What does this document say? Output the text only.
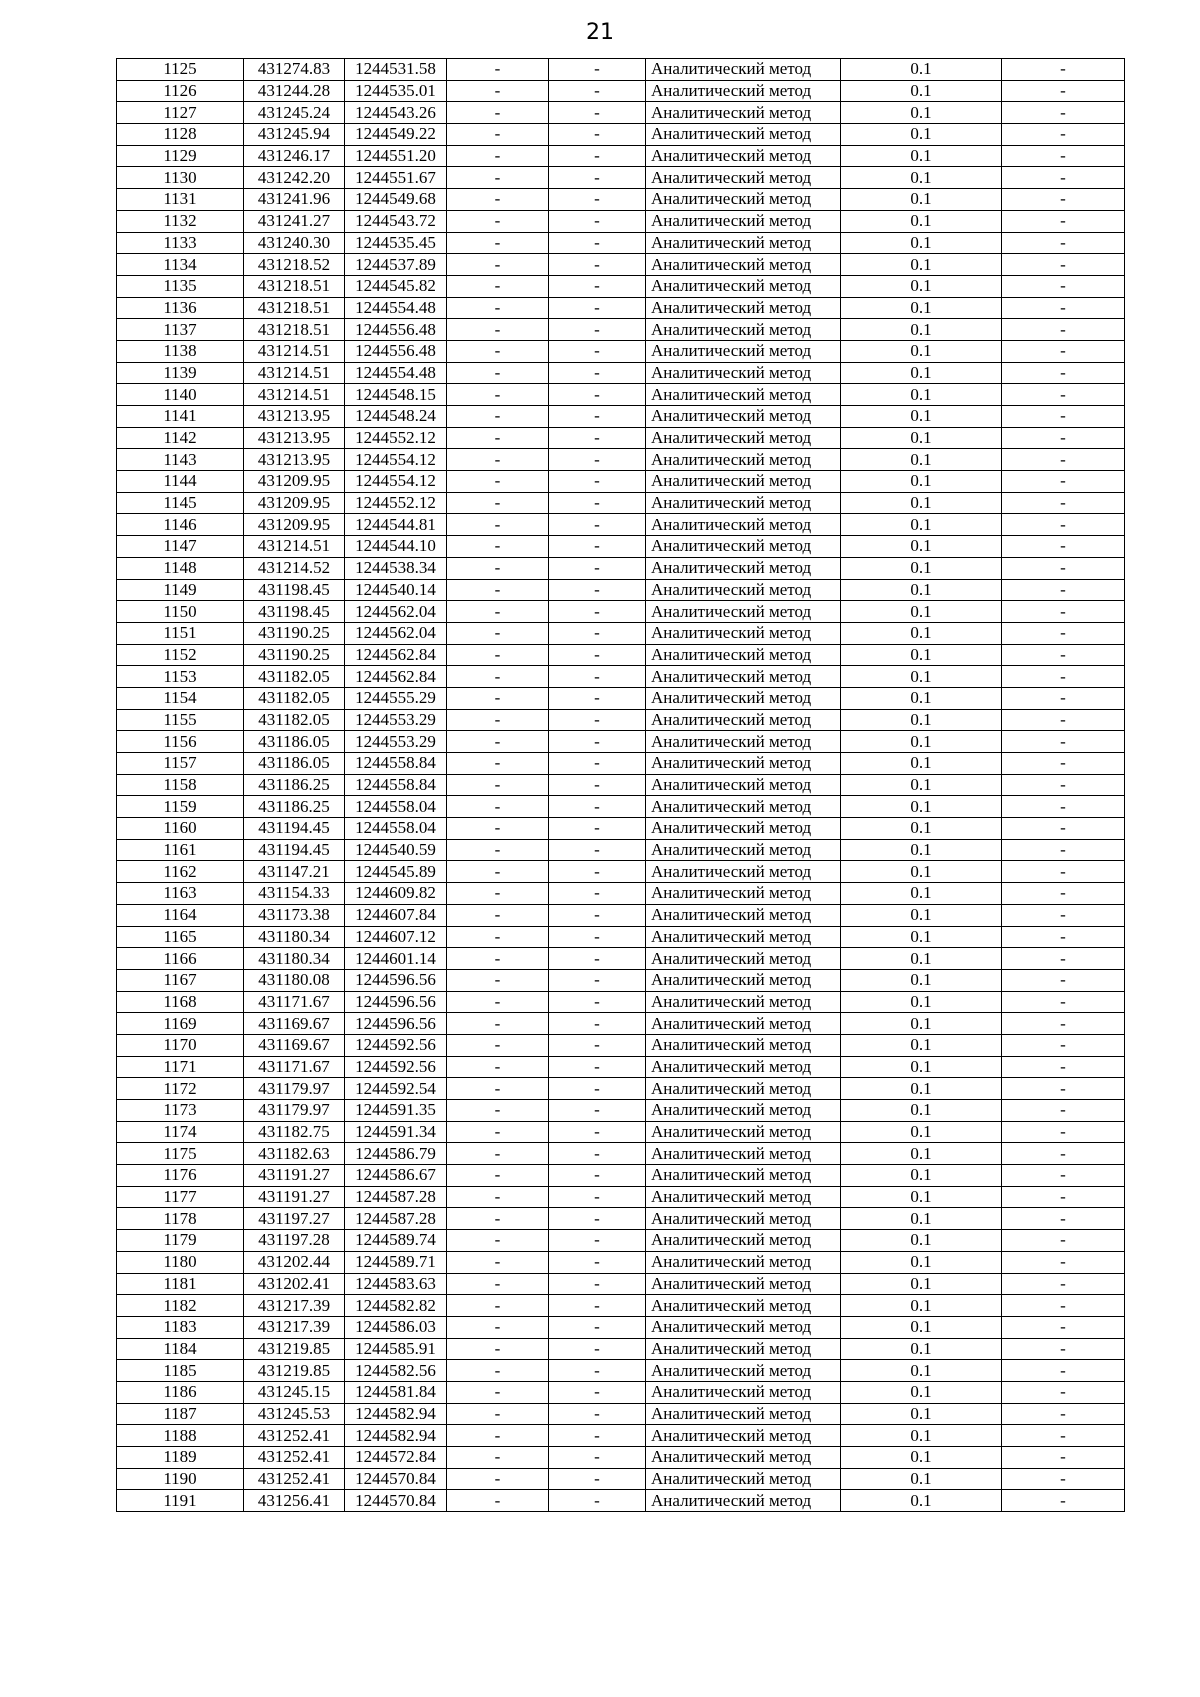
21
1125	431274.83	1244531.58	-	-	Аналитический метод	0.1	-
1126	431244.28	1244535.01	-	-	Аналитический метод	0.1	-
1127	431245.24	1244543.26	-	-	Аналитический метод	0.1	-
1128	431245.94	1244549.22	-	-	Аналитический метод	0.1	-
1129	431246.17	1244551.20	-	-	Аналитический метод	0.1	-
1130	431242.20	1244551.67	-	-	Аналитический метод	0.1	-
1131	431241.96	1244549.68	-	-	Аналитический метод	0.1	-
1132	431241.27	1244543.72	-	-	Аналитический метод	0.1	-
1133	431240.30	1244535.45	-	-	Аналитический метод	0.1	-
1134	431218.52	1244537.89	-	-	Аналитический метод	0.1	-
1135	431218.51	1244545.82	-	-	Аналитический метод	0.1	-
1136	431218.51	1244554.48	-	-	Аналитический метод	0.1	-
1137	431218.51	1244556.48	-	-	Аналитический метод	0.1	-
1138	431214.51	1244556.48	-	-	Аналитический метод	0.1	-
1139	431214.51	1244554.48	-	-	Аналитический метод	0.1	-
1140	431214.51	1244548.15	-	-	Аналитический метод	0.1	-
1141	431213.95	1244548.24	-	-	Аналитический метод	0.1	-
1142	431213.95	1244552.12	-	-	Аналитический метод	0.1	-
1143	431213.95	1244554.12	-	-	Аналитический метод	0.1	-
1144	431209.95	1244554.12	-	-	Аналитический метод	0.1	-
1145	431209.95	1244552.12	-	-	Аналитический метод	0.1	-
1146	431209.95	1244544.81	-	-	Аналитический метод	0.1	-
1147	431214.51	1244544.10	-	-	Аналитический метод	0.1	-
1148	431214.52	1244538.34	-	-	Аналитический метод	0.1	-
1149	431198.45	1244540.14	-	-	Аналитический метод	0.1	-
1150	431198.45	1244562.04	-	-	Аналитический метод	0.1	-
1151	431190.25	1244562.04	-	-	Аналитический метод	0.1	-
1152	431190.25	1244562.84	-	-	Аналитический метод	0.1	-
1153	431182.05	1244562.84	-	-	Аналитический метод	0.1	-
1154	431182.05	1244555.29	-	-	Аналитический метод	0.1	-
1155	431182.05	1244553.29	-	-	Аналитический метод	0.1	-
1156	431186.05	1244553.29	-	-	Аналитический метод	0.1	-
1157	431186.05	1244558.84	-	-	Аналитический метод	0.1	-
1158	431186.25	1244558.84	-	-	Аналитический метод	0.1	-
1159	431186.25	1244558.04	-	-	Аналитический метод	0.1	-
1160	431194.45	1244558.04	-	-	Аналитический метод	0.1	-
1161	431194.45	1244540.59	-	-	Аналитический метод	0.1	-
1162	431147.21	1244545.89	-	-	Аналитический метод	0.1	-
1163	431154.33	1244609.82	-	-	Аналитический метод	0.1	-
1164	431173.38	1244607.84	-	-	Аналитический метод	0.1	-
1165	431180.34	1244607.12	-	-	Аналитический метод	0.1	-
1166	431180.34	1244601.14	-	-	Аналитический метод	0.1	-
1167	431180.08	1244596.56	-	-	Аналитический метод	0.1	-
1168	431171.67	1244596.56	-	-	Аналитический метод	0.1	-
1169	431169.67	1244596.56	-	-	Аналитический метод	0.1	-
1170	431169.67	1244592.56	-	-	Аналитический метод	0.1	-
1171	431171.67	1244592.56	-	-	Аналитический метод	0.1	-
1172	431179.97	1244592.54	-	-	Аналитический метод	0.1	-
1173	431179.97	1244591.35	-	-	Аналитический метод	0.1	-
1174	431182.75	1244591.34	-	-	Аналитический метод	0.1	-
1175	431182.63	1244586.79	-	-	Аналитический метод	0.1	-
1176	431191.27	1244586.67	-	-	Аналитический метод	0.1	-
1177	431191.27	1244587.28	-	-	Аналитический метод	0.1	-
1178	431197.27	1244587.28	-	-	Аналитический метод	0.1	-
1179	431197.28	1244589.74	-	-	Аналитический метод	0.1	-
1180	431202.44	1244589.71	-	-	Аналитический метод	0.1	-
1181	431202.41	1244583.63	-	-	Аналитический метод	0.1	-
1182	431217.39	1244582.82	-	-	Аналитический метод	0.1	-
1183	431217.39	1244586.03	-	-	Аналитический метод	0.1	-
1184	431219.85	1244585.91	-	-	Аналитический метод	0.1	-
1185	431219.85	1244582.56	-	-	Аналитический метод	0.1	-
1186	431245.15	1244581.84	-	-	Аналитический метод	0.1	-
1187	431245.53	1244582.94	-	-	Аналитический метод	0.1	-
1188	431252.41	1244582.94	-	-	Аналитический метод	0.1	-
1189	431252.41	1244572.84	-	-	Аналитический метод	0.1	-
1190	431252.41	1244570.84	-	-	Аналитический метод	0.1	-
1191	431256.41	1244570.84	-	-	Аналитический метод	0.1	-
